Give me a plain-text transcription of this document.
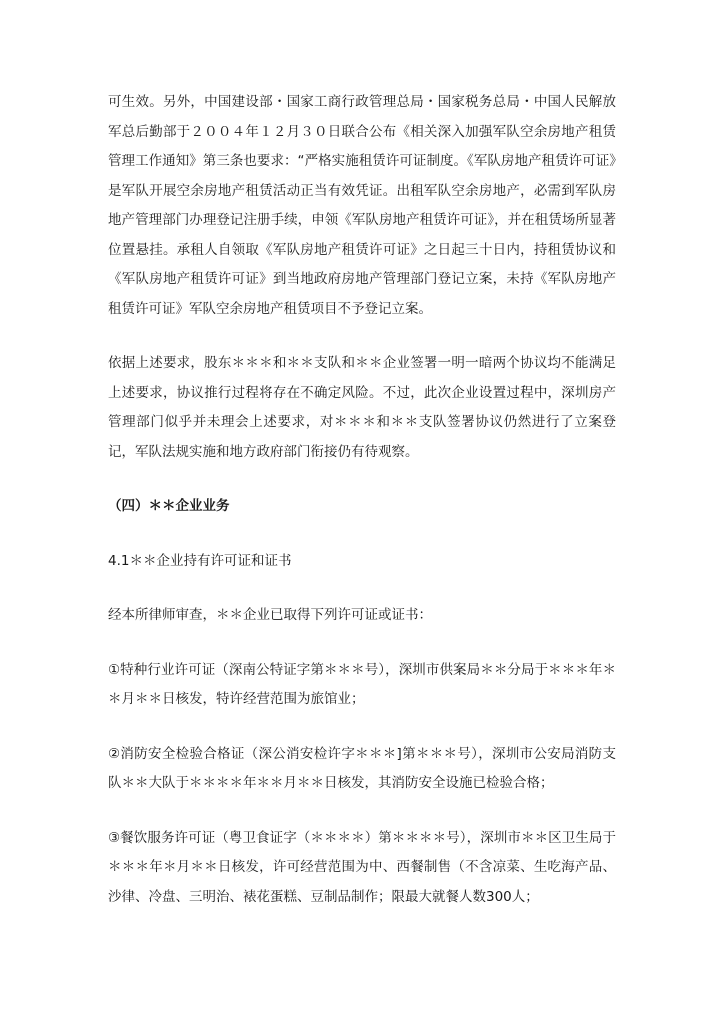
可生效。另外，中国建设部・国家工商行政管理总局・国家税务总局・中国人民解放军总后勤部于２００４年１２月３０日联合公布《相关深入加强军队空余房地产租赁管理工作通知》第三条也要求：“严格实施租赁许可证制度。《军队房地产租赁许可证》是军队开展空余房地产租赁活动正当有效凭证。出租军队空余房地产，必需到军队房地产管理部门办理登记注册手续，申领《军队房地产租赁许可证》，并在租赁场所显著位置悬挂。承租人自领取《军队房地产租赁许可证》之日起三十日内，持租赁协议和《军队房地产租赁许可证》到当地政府房地产管理部门登记立案，未持《军队房地产租赁许可证》军队空余房地产租赁项目不予登记立案。

依据上述要求，股东＊＊＊和＊＊支队和＊＊企业签署一明一暗两个协议均不能满足上述要求，协议推行过程将存在不确定风险。不过，此次企业设置过程中，深圳房产管理部门似乎并未理会上述要求，对＊＊＊和＊＊支队签署协议仍然进行了立案登记，军队法规实施和地方政府部门衔接仍有待观察。

（四）＊＊企业业务

4.1＊＊企业持有许可证和证书

经本所律师审查，＊＊企业已取得下列许可证或证书：

①特种行业许可证（深南公特证字第＊＊＊号），深圳市供案局＊＊分局于＊＊＊年＊＊月＊＊日核发，特许经营范围为旅馆业；

②消防安全检验合格证（深公消安检许字＊＊＊]第＊＊＊号），深圳市公安局消防支队＊＊大队于＊＊＊＊年＊＊月＊＊日核发，其消防安全设施已检验合格；

③餐饮服务许可证（粤卫食证字（＊＊＊＊）第＊＊＊＊号），深圳市＊＊区卫生局于＊＊＊年＊月＊＊日核发，许可经营范围为中、西餐制售（不含凉菜、生吃海产品、沙律、冷盘、三明治、裱花蛋糕、豆制品制作；限最大就餐人数300人；
